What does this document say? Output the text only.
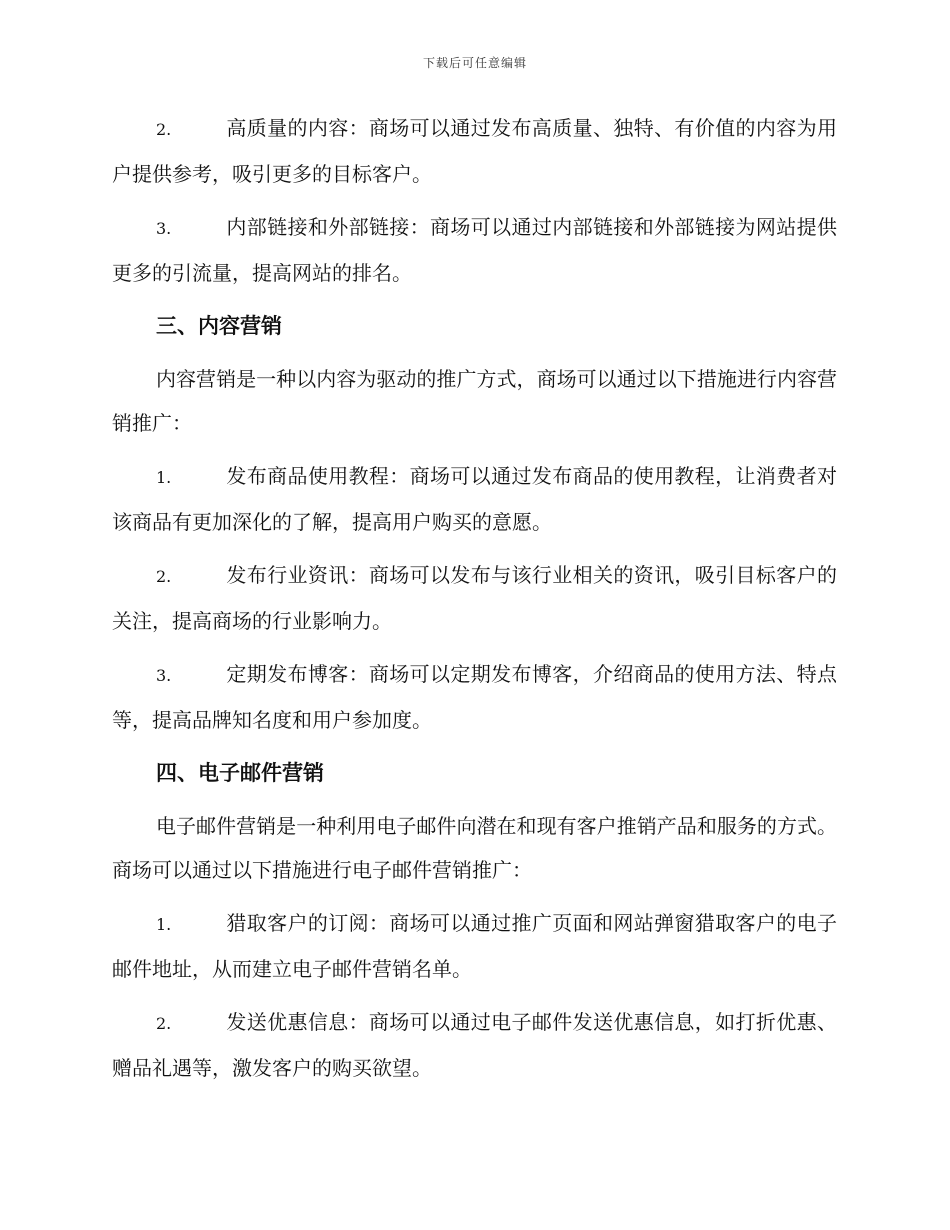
下载后可任意编辑

2.	高质量的内容：商场可以通过发布高质量、独特、有价值的内容为用户提供参考，吸引更多的目标客户。

3.	内部链接和外部链接：商场可以通过内部链接和外部链接为网站提供更多的引流量，提高网站的排名。

三、内容营销

内容营销是一种以内容为驱动的推广方式，商场可以通过以下措施进行内容营销推广：

1.	发布商品使用教程：商场可以通过发布商品的使用教程，让消费者对该商品有更加深化的了解，提高用户购买的意愿。

2.	发布行业资讯：商场可以发布与该行业相关的资讯，吸引目标客户的关注，提高商场的行业影响力。

3.	定期发布博客：商场可以定期发布博客，介绍商品的使用方法、特点等，提高品牌知名度和用户参加度。

四、电子邮件营销

电子邮件营销是一种利用电子邮件向潜在和现有客户推销产品和服务的方式。商场可以通过以下措施进行电子邮件营销推广：

1.	猎取客户的订阅：商场可以通过推广页面和网站弹窗猎取客户的电子邮件地址，从而建立电子邮件营销名单。

2.	发送优惠信息：商场可以通过电子邮件发送优惠信息，如打折优惠、赠品礼遇等，激发客户的购买欲望。
